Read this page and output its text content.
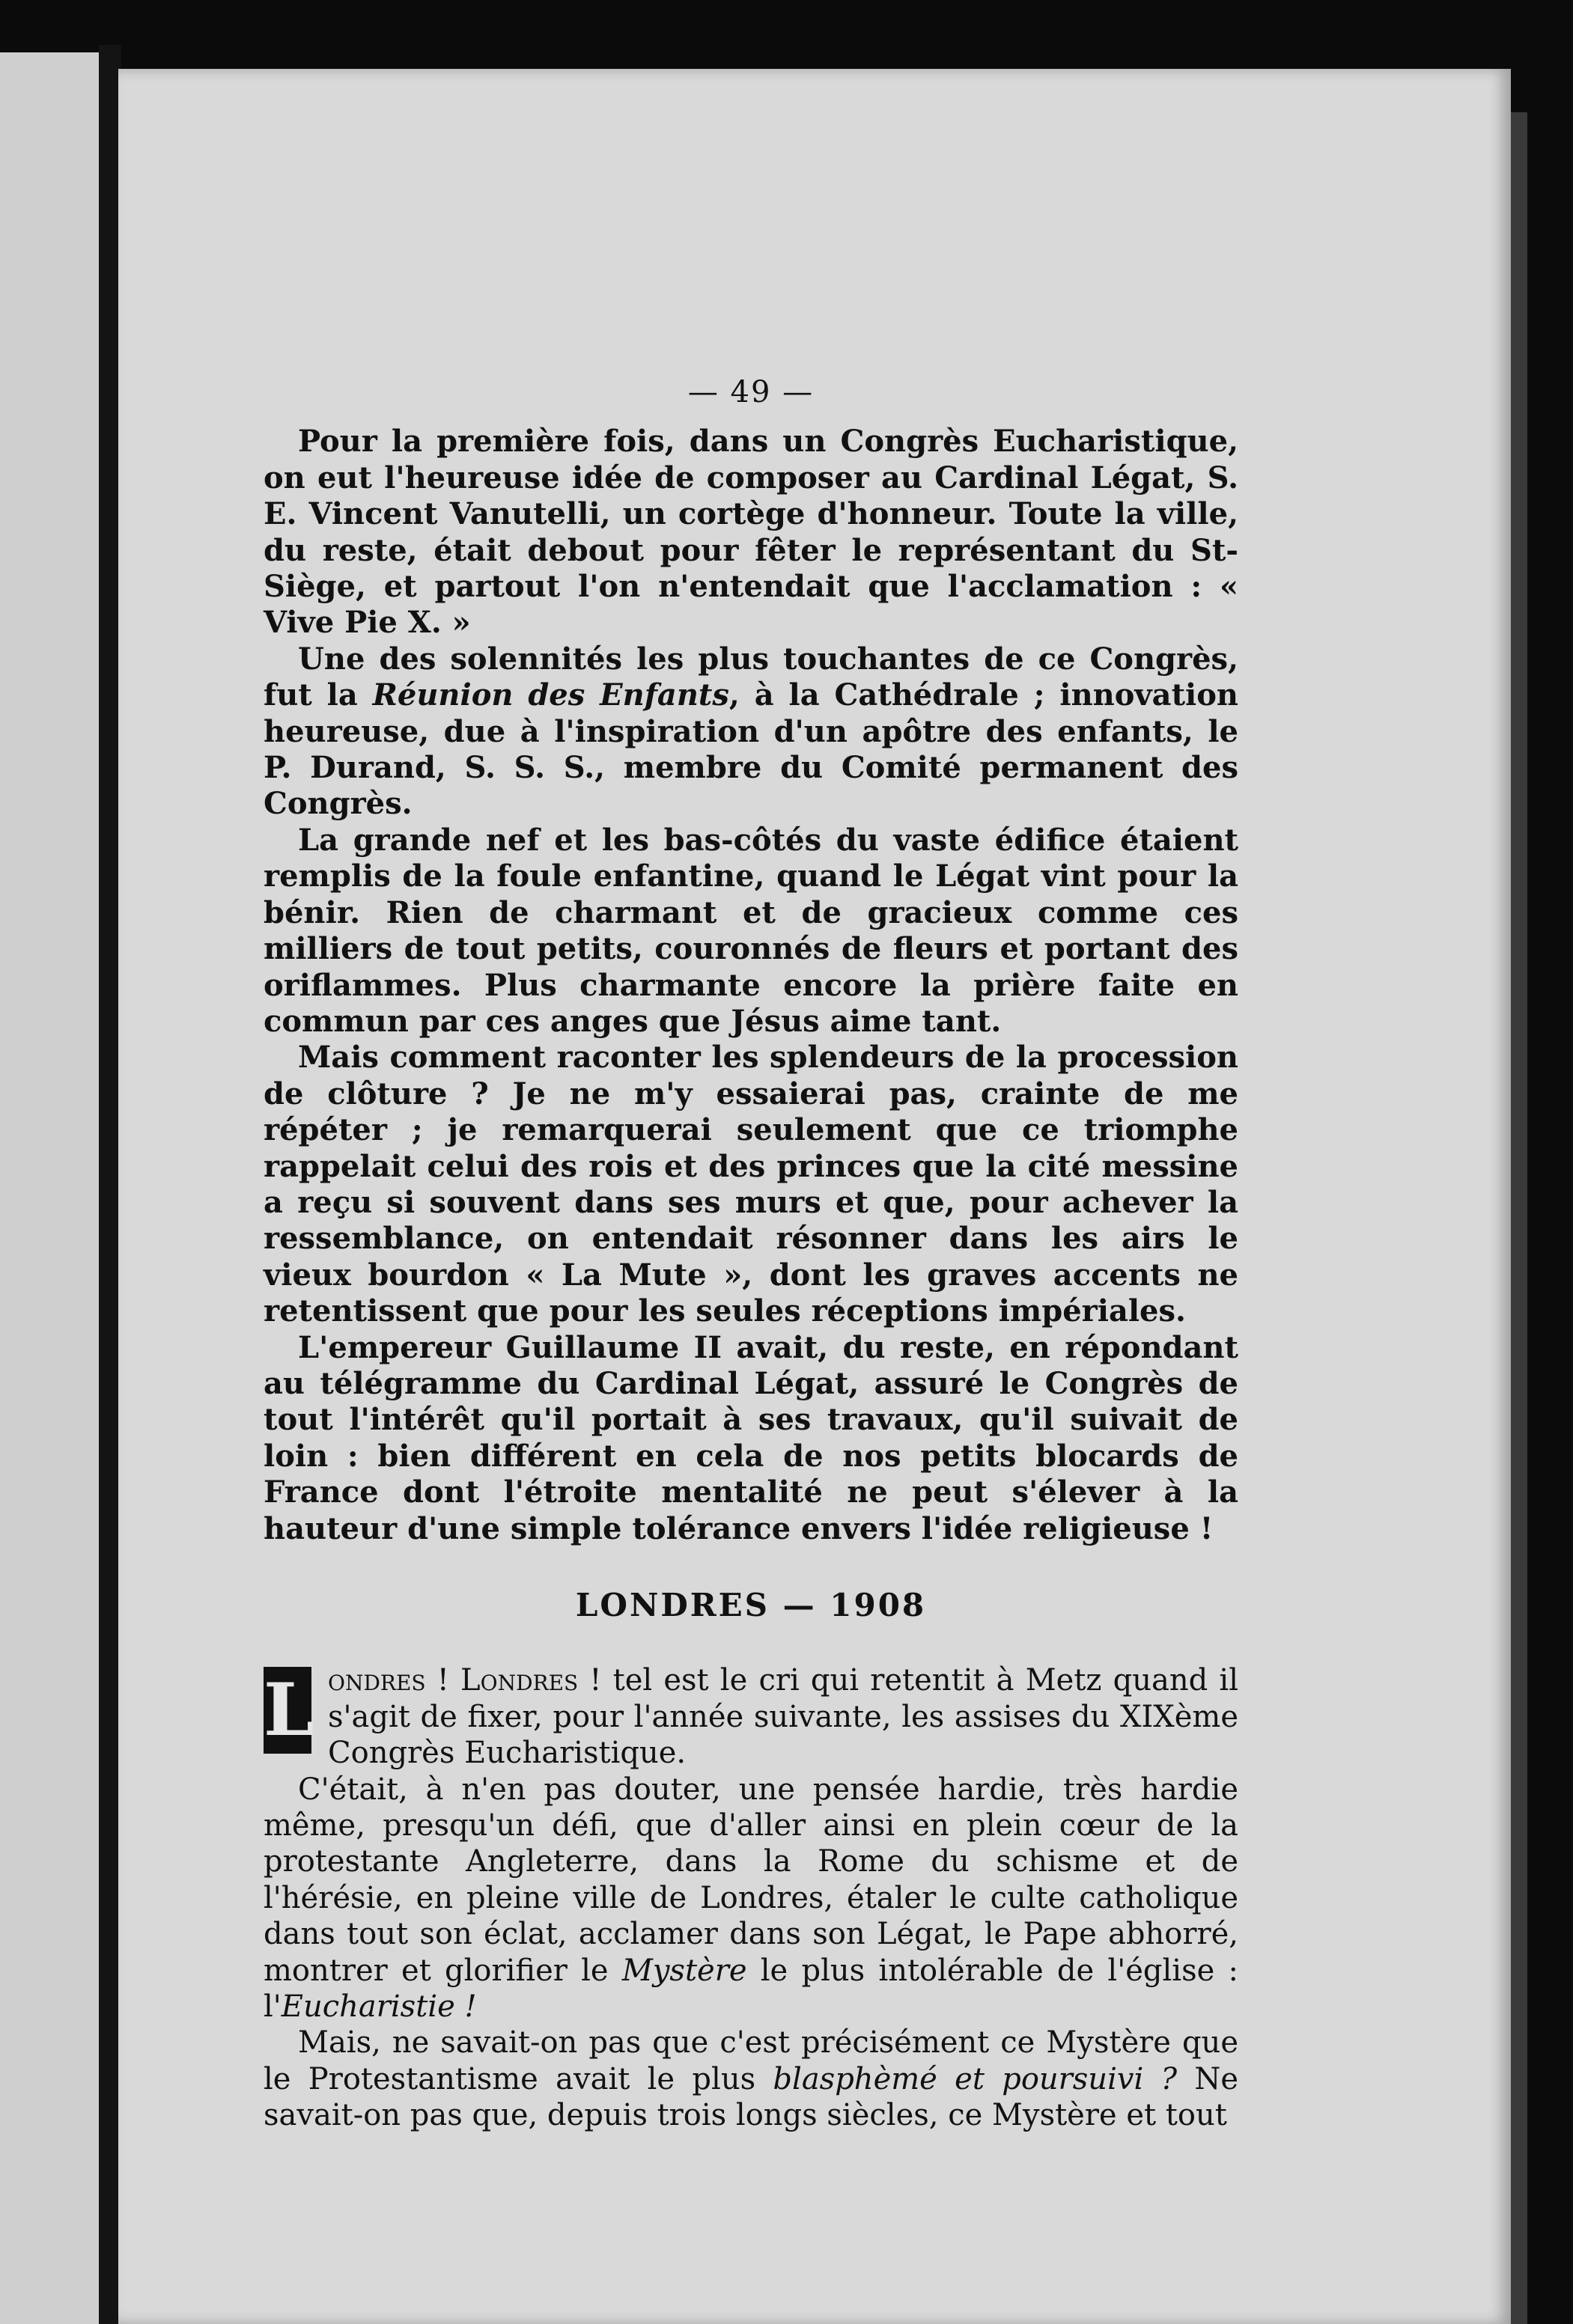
— 49 —

Pour la première fois, dans un Congrès Eucharistique, on eut l'heureuse idée de composer au Cardinal Légat, S. E. Vincent Vanutelli, un cortège d'honneur. Toute la ville, du reste, était debout pour fêter le représentant du St-Siège, et partout l'on n'entendait que l'acclamation : « Vive Pie X. »

Une des solennités les plus touchantes de ce Congrès, fut la Réunion des Enfants, à la Cathédrale ; innovation heureuse, due à l'inspiration d'un apôtre des enfants, le P. Durand, S. S. S., membre du Comité permanent des Congrès.

La grande nef et les bas-côtés du vaste édifice étaient remplis de la foule enfantine, quand le Légat vint pour la bénir. Rien de charmant et de gracieux comme ces milliers de tout petits, couronnés de fleurs et portant des oriflammes. Plus charmante encore la prière faite en commun par ces anges que Jésus aime tant.

Mais comment raconter les splendeurs de la procession de clôture ? Je ne m'y essaierai pas, crainte de me répéter ; je remarquerai seulement que ce triomphe rappelait celui des rois et des princes que la cité messine a reçu si souvent dans ses murs et que, pour achever la ressemblance, on entendait résonner dans les airs le vieux bourdon « La Mute », dont les graves accents ne retentissent que pour les seules réceptions impériales.

L'empereur Guillaume II avait, du reste, en répondant au télégramme du Cardinal Légat, assuré le Congrès de tout l'intérêt qu'il portait à ses travaux, qu'il suivait de loin : bien différent en cela de nos petits blocards de France dont l'étroite mentalité ne peut s'élever à la hauteur d'une simple tolérance envers l'idée religieuse !

LONDRES — 1908

L ondres ! Londres ! tel est le cri qui retentit à Metz quand il s'agit de fixer, pour l'année suivante, les assises du XIXème Congrès Eucharistique.

C'était, à n'en pas douter, une pensée hardie, très hardie même, presqu'un défi, que d'aller ainsi en plein cœur de la protestante Angleterre, dans la Rome du schisme et de l'hérésie, en pleine ville de Londres, étaler le culte catholique dans tout son éclat, acclamer dans son Légat, le Pape abhorré, montrer et glorifier le Mystère le plus intolérable de l'église : l'Eucharistie !

Mais, ne savait-on pas que c'est précisément ce Mystère que le Protestantisme avait le plus blasphèmé et poursuivi ? Ne savait-on pas que, depuis trois longs siècles, ce Mystère et tout
